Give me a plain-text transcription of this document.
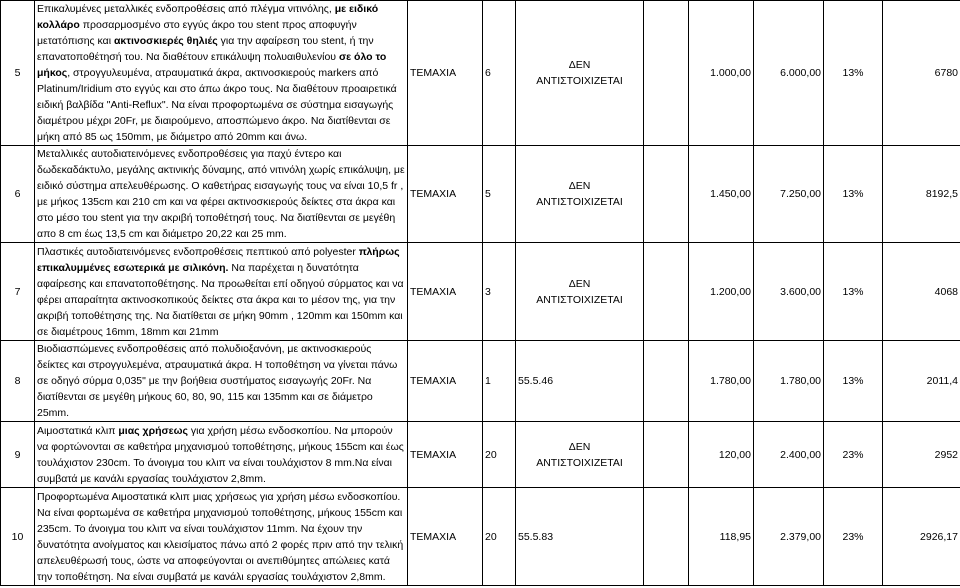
5	Επικαλυμένες μεταλλικές ενδοπροθέσεις από πλέγμα νιτινόλης, με ειδικό κολλάρο προσαρμοσμένο στο εγγύς άκρο του stent προς αποφυγήν μετατόπισης και ακτινοσκιερές θηλιές για την αφαίρεση του stent, ή την επανατοποθέτησή του. Να διαθέτουν επικάλυψη πολυαιθυλενίου σε όλο το μήκος, στρογγυλευμένα, ατραυματικά άκρα, ακτινοσκιερούς markers από Platinum/Iridium στο εγγύς και στο άπω άκρο τους. Να διαθέτουν προαιρετικά ειδική βαλβίδα "Anti-Reflux". Να είναι προφορτωμένα σε σύστημα εισαγωγής διαμέτρου μέχρι 20Fr, με διαιρούμενο, αποσπώμενο άκρο. Να διατίθενται σε μήκη από 85 ως 150mm, με διάμετρο από 20mm και άνω.	ΤΕΜΑΧΙΑ	6	ΔΕΝ
ΑΝΤΙΣΤΟΙΧΙΖΕΤΑΙ		1.000,00	6.000,00	13%	6780
6	Μεταλλικές αυτοδιατεινόμενες ενδοπροθέσεις για παχύ έντερο και δωδεκαδάκτυλο, μεγάλης ακτινικής δύναμης, από νιτινόλη χωρίς επικάλυψη, με ειδικό σύστημα απελευθέρωσης. Ο καθετήρας εισαγωγής τους να είναι 10,5 fr , με μήκος 135cm και 210 cm και να φέρει ακτινοσκιερούς δείκτες στα άκρα και στο μέσο του stent για την ακριβή τοποθέτησή τους. Να διατίθενται σε μεγέθη απο 8 cm έως 13,5 cm και διάμετρο 20,22 και 25 mm.	ΤΕΜΑΧΙΑ	5	ΔΕΝ
ΑΝΤΙΣΤΟΙΧΙΖΕΤΑΙ		1.450,00	7.250,00	13%	8192,5
7	Πλαστικές αυτοδιατεινόμενες ενδοπροθέσεις πεπτικού από polyester πλήρως επικαλυμμένες εσωτερικά με σιλικόνη. Να παρέχεται η δυνατότητα αφαίρεσης και επανατοποθέτησης. Να προωθείται επί οδηγού σύρματος και να φέρει απαραίτητα ακτινοσκοπικούς δείκτες στα άκρα και το μέσον της, για την ακριβή τοποθέτησης της. Να διατίθεται σε μήκη 90mm , 120mm και 150mm και σε διαμέτρους 16mm, 18mm και 21mm	ΤΕΜΑΧΙΑ	3	ΔΕΝ
ΑΝΤΙΣΤΟΙΧΙΖΕΤΑΙ		1.200,00	3.600,00	13%	4068
8	Βιοδιασπώμενες ενδοπροθέσεις από πολυδιοξανόνη, με ακτινοσκιερούς δείκτες και στρογγυλεμένα, ατραυματικά άκρα. Η τοποθέτηση να γίνεται πάνω σε οδηγό σύρμα 0,035" με την βοήθεια συστήματος εισαγωγής 20Fr. Να διατίθενται σε μεγέθη μήκους 60, 80, 90, 115 και 135mm και σε διάμετρο 25mm.	ΤΕΜΑΧΙΑ	1	55.5.46		1.780,00	1.780,00	13%	2011,4
9	Αιμοστατικά κλιπ μιας χρήσεως για χρήση μέσω ενδοσκοπίου. Να μπορούν να φορτώνονται σε καθετήρα μηχανισμού τοποθέτησης, μήκους 155cm και έως τουλάχιστον 230cm. Το άνοιγμα του κλιπ να είναι τουλάχιστον 8 mm.Να είναι συμβατά με κανάλι εργασίας τουλάχιστον 2,8mm.	ΤΕΜΑΧΙΑ	20	ΔΕΝ
ΑΝΤΙΣΤΟΙΧΙΖΕΤΑΙ		120,00	2.400,00	23%	2952
10	Προφορτωμένα Αιμοστατικά κλιπ μιας χρήσεως για χρήση μέσω ενδοσκοπίου. Να είναι φορτωμένα σε καθετήρα μηχανισμού τοποθέτησης, μήκους 155cm και 235cm. Το άνοιγμα του κλιπ να είναι τουλάχιστον 11mm. Να έχουν την δυνατότητα ανοίγματος και κλεισίματος πάνω από 2 φορές πριν από την τελική απελευθέρωσή τους, ώστε να αποφεύγονται οι ανεπιθύμητες απώλειες κατά την τοποθέτηση. Να είναι συμβατά με κανάλι εργασίας τουλάχιστον 2,8mm.	ΤΕΜΑΧΙΑ	20	55.5.83		118,95	2.379,00	23%	2926,17
